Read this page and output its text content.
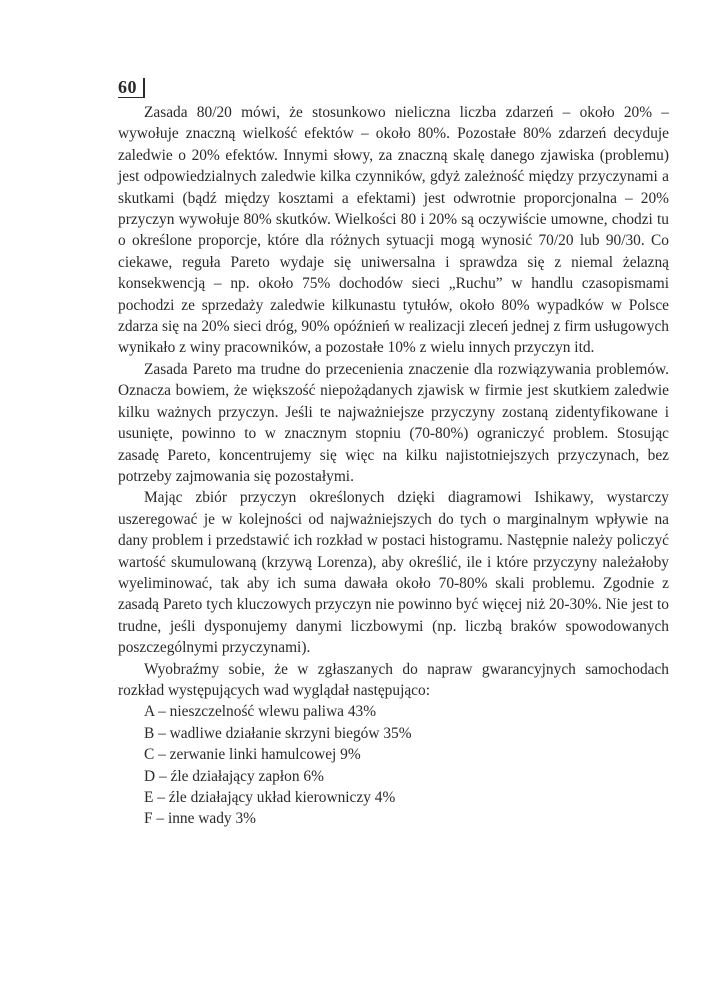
60

Zasada 80/20 mówi, że stosunkowo nieliczna liczba zdarzeń – około 20% – wywołuje znaczną wielkość efektów – około 80%. Pozostałe 80% zdarzeń decyduje zaledwie o 20% efektów. Innymi słowy, za znaczną skalę danego zjawiska (problemu) jest odpowiedzialnych zaledwie kilka czynników, gdyż zależność między przyczynami a skutkami (bądź między kosztami a efektami) jest odwrotnie proporcjonalna – 20% przyczyn wywołuje 80% skutków. Wielkości 80 i 20% są oczywiście umowne, chodzi tu o określone proporcje, które dla różnych sytuacji mogą wynosić 70/20 lub 90/30. Co ciekawe, reguła Pareto wydaje się uniwersalna i sprawdza się z niemal żelazną konsekwencją – np. około 75% dochodów sieci „Ruchu” w handlu czasopismami pochodzi ze sprzedaży zaledwie kilkunastu tytułów, około 80% wypadków w Polsce zdarza się na 20% sieci dróg, 90% opóźnień w realizacji zleceń jednej z firm usługowych wynikało z winy pracowników, a pozostałe 10% z wielu innych przyczyn itd.

Zasada Pareto ma trudne do przecenienia znaczenie dla rozwiązywania problemów. Oznacza bowiem, że większość niepożądanych zjawisk w firmie jest skutkiem zaledwie kilku ważnych przyczyn. Jeśli te najważniejsze przyczyny zostaną zidentyfikowane i usunięte, powinno to w znacznym stopniu (70-80%) ograniczyć problem. Stosując zasadę Pareto, koncentrujemy się więc na kilku najistotniejszych przyczynach, bez potrzeby zajmowania się pozostałymi.

Mając zbiór przyczyn określonych dzięki diagramowi Ishikawy, wystarczy uszeregować je w kolejności od najważniejszych do tych o marginalnym wpływie na dany problem i przedstawić ich rozkład w postaci histogramu. Następnie należy policzyć wartość skumulowaną (krzywą Lorenza), aby określić, ile i które przyczyny należałoby wyeliminować, tak aby ich suma dawała około 70-80% skali problemu. Zgodnie z zasadą Pareto tych kluczowych przyczyn nie powinno być więcej niż 20-30%. Nie jest to trudne, jeśli dysponujemy danymi liczbowymi (np. liczbą braków spowodowanych poszczególnymi przyczynami).

Wyobraźmy sobie, że w zgłaszanych do napraw gwarancyjnych samochodach rozkład występujących wad wyglądał następująco:

A – nieszczelność wlewu paliwa 43%
B – wadliwe działanie skrzyni biegów 35%
C – zerwanie linki hamulcowej 9%
D – źle działający zapłon 6%
E – źle działający układ kierowniczy 4%
F – inne wady 3%
